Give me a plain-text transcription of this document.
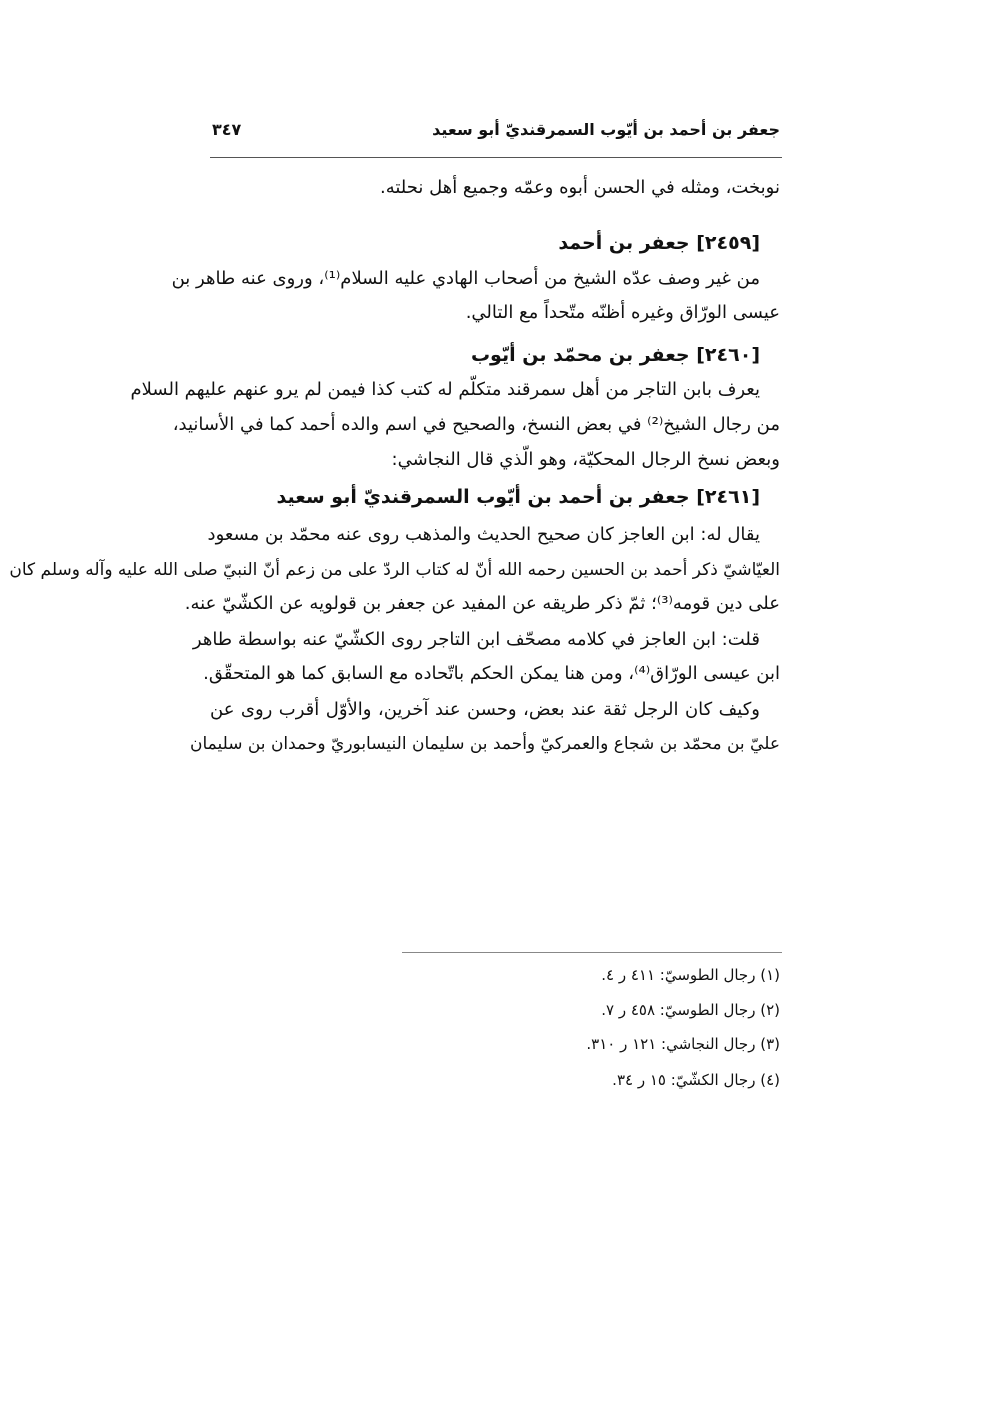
جعفر بن أحمد بن أيّوب السمرقنديّ أبو سعيد
٣٤٧
نوبخت، ومثله في الحسن أبوه وعمّه وجميع أهل نحلته.
[٢٤٥٩] جعفر بن أحمد
من غير وصف عدّه الشيخ من أصحاب الهادي عليه السلام⁽¹⁾، وروى عنه طاهر بن
عيسى الورّاق وغيره أظنّه متّحداً مع التالي.
[٢٤٦٠] جعفر بن محمّد بن أيّوب
يعرف بابن التاجر من أهل سمرقند متكلّم له كتب كذا فيمن لم يرو عنهم عليهم السلام
من رجال الشيخ⁽²⁾ في بعض النسخ، والصحيح في اسم والده أحمد كما في الأسانيد،
وبعض نسخ الرجال المحكيّة، وهو الّذي قال النجاشي:
[٢٤٦١] جعفر بن أحمد بن أيّوب السمرقنديّ أبو سعيد
يقال له: ابن العاجز كان صحيح الحديث والمذهب روى عنه محمّد بن مسعود
العيّاشيّ ذكر أحمد بن الحسين رحمه الله أنّ له كتاب الردّ على من زعم أنّ النبيّ صلى الله عليه وآله وسلم كان
على دين قومه⁽³⁾؛ ثمّ ذكر طريقه عن المفيد عن جعفر بن قولويه عن الكشّيّ عنه.
قلت: ابن العاجز في كلامه مصحّف ابن التاجر روى الكشّيّ عنه بواسطة طاهر
ابن عيسى الورّاق⁽⁴⁾، ومن هنا يمكن الحكم باتّحاده مع السابق كما هو المتحقّق.
وكيف كان الرجل ثقة عند بعض، وحسن عند آخرين، والأوّل أقرب روى عن
عليّ بن محمّد بن شجاع والعمركيّ وأحمد بن سليمان النيسابوريّ وحمدان بن سليمان
(١) رجال الطوسيّ: ٤١١ ر ٤.
(٢) رجال الطوسيّ: ٤٥٨ ر ٧.
(٣) رجال النجاشي: ١٢١ ر ٣١٠.
(٤) رجال الكشّيّ: ١٥ ر ٣٤.
